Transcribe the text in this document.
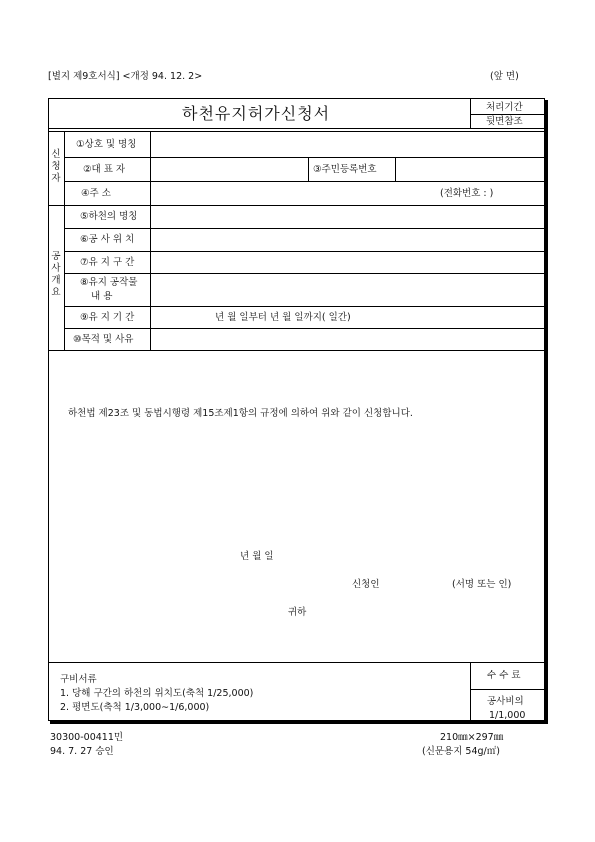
[별지 제9호서식] <개정 94. 12. 2>	(앞 면)
하천유지허가신청서	처리기간
뒷면참조
신
청
자
공
사
개
요
①상호 및 명칭
②대 표 자	③주민등록번호
④주 소	(전화번호 : )
⑤하천의 명칭
⑥공 사 위 치
⑦유 지 구 간
⑧유지 공작물
내 용
⑨유 지 기 간	년 월 일부터 년 월 일까지( 일간)
⑩목적 및 사유
하천법 제23조 및 동법시행령 제15조제1항의 규정에 의하여 위와 같이 신청합니다.
년 월 일
신청인	(서명 또는 인)
귀하
구비서류
1. 당해 구간의 하천의 위치도(축척 1/25,000)
2. 평면도(축척 1/3,000∼1/6,000)
수 수 료
공사비의
1/1,000
30300-00411민
94. 7. 27 승인
210㎜×297㎜
(신문용지 54g/㎡)
